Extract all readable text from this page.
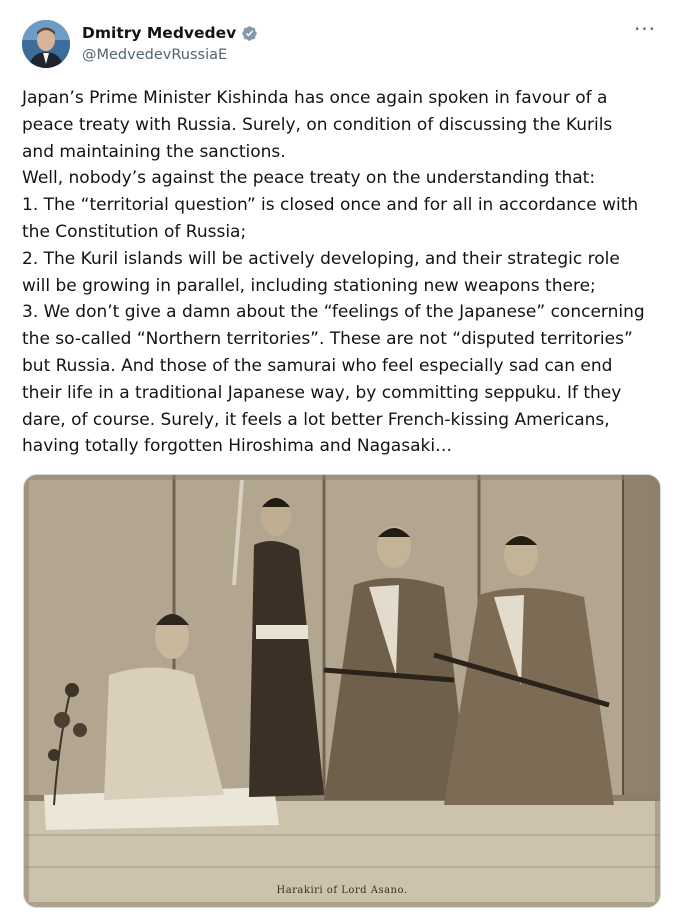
Dmitry Medvedev
@MedvedevRussiaE
···
Japan’s Prime Minister Kishinda has once again spoken in favour of a
peace treaty with Russia. Surely, on condition of discussing the Kurils
and maintaining the sanctions.
Well, nobody’s against the peace treaty on the understanding that:
1. The “territorial question” is closed once and for all in accordance with
the Constitution of Russia;
2. The Kuril islands will be actively developing, and their strategic role
will be growing in parallel, including stationing new weapons there;
3. We don’t give a damn about the “feelings of the Japanese” concerning
the so-called “Northern territories”. These are not “disputed territories”
but Russia. And those of the samurai who feel especially sad can end
their life in a traditional Japanese way, by committing seppuku. If they
dare, of course. Surely, it feels a lot better French-kissing Americans,
having totally forgotten Hiroshima and Nagasaki…
Harakiri of Lord Asano.
